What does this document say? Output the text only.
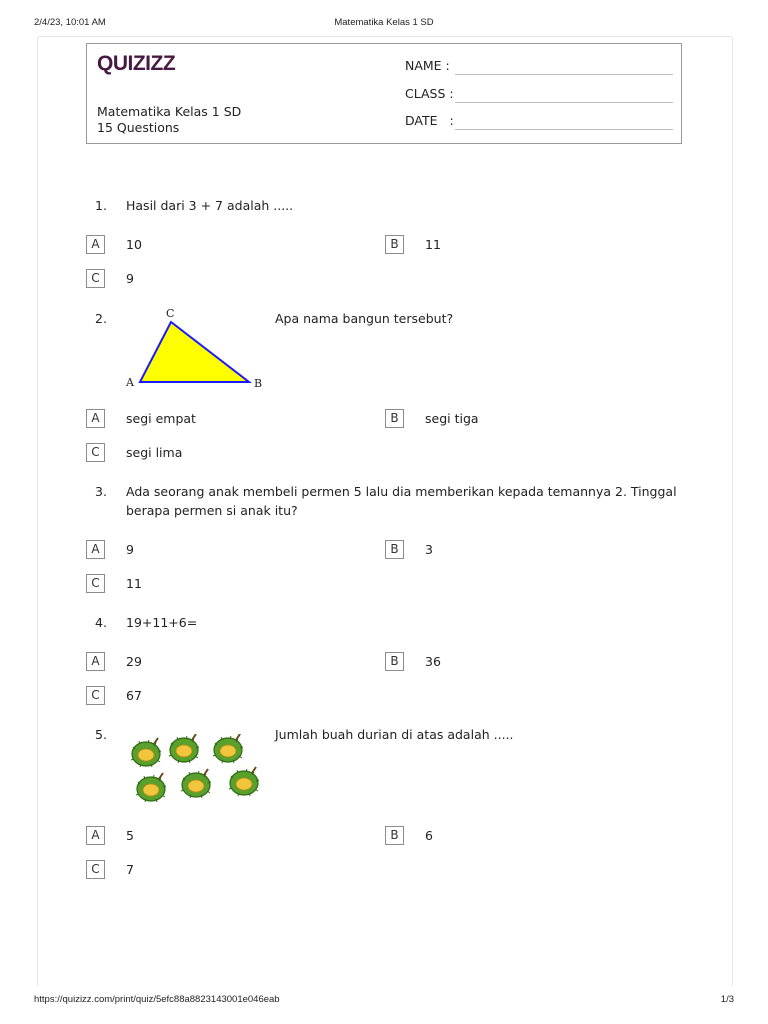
2/4/23, 10:01 AM	Matematika Kelas 1 SD
QUIZIZZ
Matematika Kelas 1 SD
15 Questions
NAME :
CLASS :
DATE   :
1. Hasil dari 3 + 7 adalah .....
A	10	B	11
C	9
2.	C
A	B
Apa nama bangun tersebut?
A	segi empat	B	segi tiga
C	segi lima
3. Ada seorang anak membeli permen 5 lalu dia memberikan kepada temannya 2. Tinggal
berapa permen si anak itu?
A	9	B	3
C	11
4. 19+11+6=
A	29	B	36
C	67
5.	Jumlah buah durian di atas adalah .....
A	5	B	6
C	7
https://quizizz.com/print/quiz/5efc88a8823143001e046eab	1/3
